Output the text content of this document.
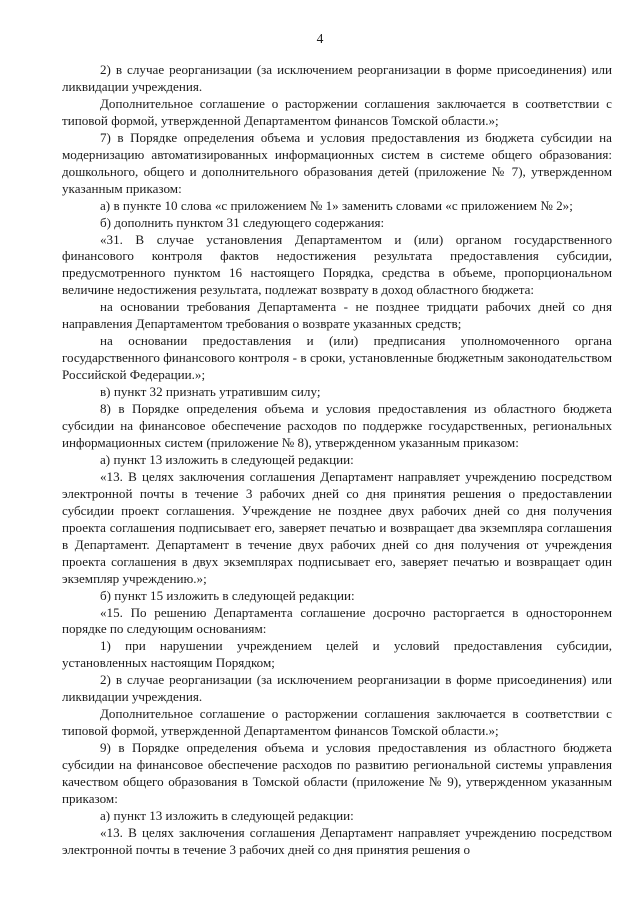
4

2) в случае реорганизации (за исключением реорганизации в форме присоединения) или ликвидации учреждения.

Дополнительное соглашение о расторжении соглашения заключается в соответствии с типовой формой, утвержденной Департаментом финансов Томской области.»;

7) в Порядке определения объема и условия предоставления из бюджета субсидии на модернизацию автоматизированных информационных систем в системе общего образования: дошкольного, общего и дополнительного образования детей (приложение № 7), утвержденном указанным приказом:

а) в пункте 10 слова «с приложением № 1» заменить словами «с приложением № 2»;

б) дополнить пунктом 31 следующего содержания:

«31. В случае установления Департаментом и (или) органом государственного финансового контроля фактов недостижения результата предоставления субсидии, предусмотренного пунктом 16 настоящего Порядка, средства в объеме, пропорциональном величине недостижения результата, подлежат возврату в доход областного бюджета:

на основании требования Департамента - не позднее тридцати рабочих дней со дня направления Департаментом требования о возврате указанных средств;

на основании предоставления и (или) предписания уполномоченного органа государственного финансового контроля - в сроки, установленные бюджетным законодательством Российской Федерации.»;

в) пункт 32 признать утратившим силу;

8) в Порядке определения объема и условия предоставления из областного бюджета субсидии на финансовое обеспечение расходов по поддержке государственных, региональных информационных систем (приложение № 8), утвержденном указанным приказом:

а) пункт 13 изложить в следующей редакции:

«13. В целях заключения соглашения Департамент направляет учреждению посредством электронной почты в течение 3 рабочих дней со дня принятия решения о предоставлении субсидии проект соглашения. Учреждение не позднее двух рабочих дней со дня получения проекта соглашения подписывает его, заверяет печатью и возвращает два экземпляра соглашения в Департамент. Департамент в течение двух рабочих дней со дня получения от учреждения проекта соглашения в двух экземплярах подписывает его, заверяет печатью и возвращает один экземпляр учреждению.»;

б) пункт 15 изложить в следующей редакции:

«15. По решению Департамента соглашение досрочно расторгается в одностороннем порядке по следующим основаниям:

1) при нарушении учреждением целей и условий предоставления субсидии, установленных настоящим Порядком;

2) в случае реорганизации (за исключением реорганизации в форме присоединения) или ликвидации учреждения.

Дополнительное соглашение о расторжении соглашения заключается в соответствии с типовой формой, утвержденной Департаментом финансов Томской области.»;

9) в Порядке определения объема и условия предоставления из областного бюджета субсидии на финансовое обеспечение расходов по развитию региональной системы управления качеством общего образования в Томской области (приложение № 9), утвержденном указанным приказом:

а) пункт 13 изложить в следующей редакции:

«13. В целях заключения соглашения Департамент направляет учреждению посредством электронной почты в течение 3 рабочих дней со дня принятия решения о
